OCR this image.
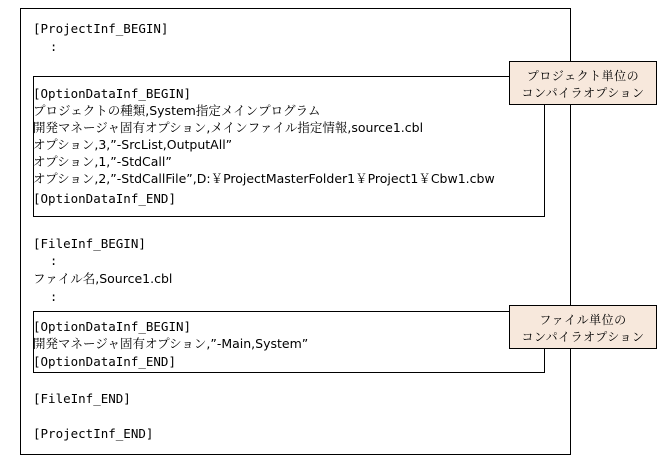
[ProjectInf_BEGIN]
:
[OptionDataInf_BEGIN]
プロジェクトの種類,System指定メインプログラム
開発マネージャ固有オプション,メインファイル指定情報,source1.cbl
オプション,3,”-SrcList,OutputAll”
オプション,1,”-StdCall”
オプション,2,”-StdCallFile”,D:￥ProjectMasterFolder1￥Project1￥Cbw1.cbw
[OptionDataInf_END]
[FileInf_BEGIN]
:
ファイル名,Source1.cbl
:
[OptionDataInf_BEGIN]
開発マネージャ固有オプション,”-Main,System”
[OptionDataInf_END]
[FileInf_END]
[ProjectInf_END]
プロジェクト単位の
コンパイラオプション
ファイル単位の
コンパイラオプション
